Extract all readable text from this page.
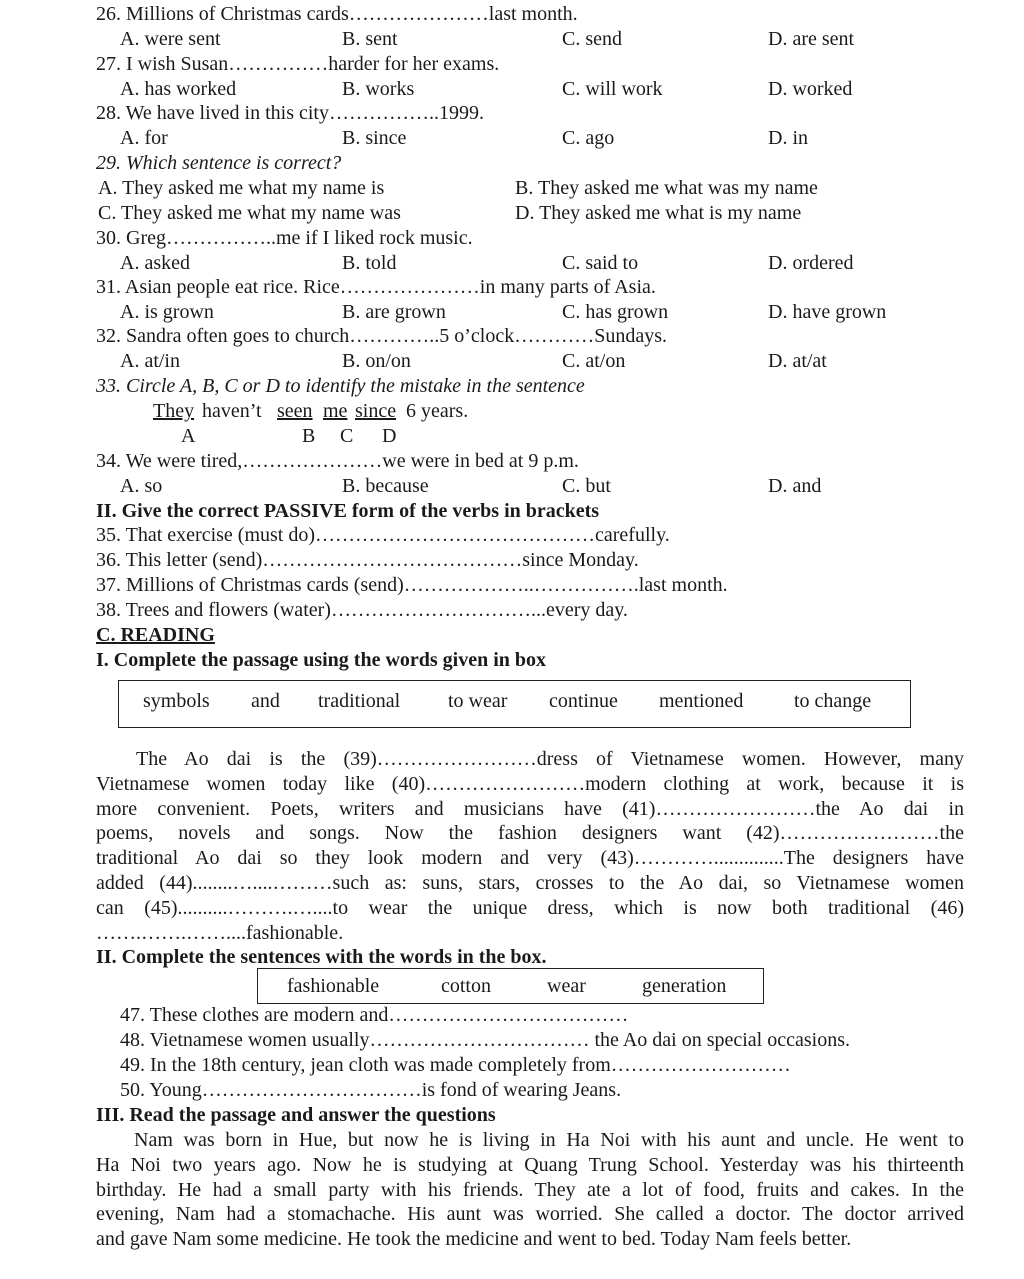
26. Millions of Christmas cards…………………last month.
A. were sent	B. sent	C. send	D. are sent
27. I wish Susan……………harder for her exams.
A. has worked	B. works	C. will work	D. worked
28. We have lived in this city……………..1999.
A. for	B. since	C. ago	D. in
29. Which sentence is correct?
A. They asked me what my name is	B. They asked me what was my name
C. They asked me what my name was	D. They asked me what is my name
30. Greg……………..me if I liked rock music.
A. asked	B. told	C. said to	D. ordered
31. Asian people eat rice. Rice…………………in many parts of Asia.
A. is grown	B. are grown	C. has grown	D. have grown
32. Sandra often goes to church…………..5 o’clock…………Sundays.
A. at/in	B. on/on	C. at/on	D. at/at
33. Circle A, B, C or D to identify the mistake in the sentence
They haven’t seen me since 6 years.
A	B C D
34. We were tired,…………………we were in bed at 9 p.m.
A. so	B. because	C. but	D. and
II. Give the correct PASSIVE form of the verbs in brackets
35. That exercise (must do)……………………………………carefully.
36. This letter (send)…………………………………since Monday.
37. Millions of Christmas cards (send)………………..…………….last month.
38. Trees and flowers (water)…………………………...every day.
C. READING
I. Complete the passage using the words given in box
symbols and traditional to wear continue mentioned	to change
The Ao dai is the (39)……………………dress of Vietnamese women. However, many
Vietnamese women today like (40)……………………modern clothing at work, because it is
more convenient. Poets, writers and musicians have (41)……………………the Ao dai in
poems, novels and songs. Now the fashion designers want (42)……………………the
traditional Ao dai so they look modern and very (43)…………..............The designers have
added (44)........…....………such as: suns, stars, crosses to the Ao dai, so Vietnamese women
can (45)..........……….…....to wear the unique dress, which is now both traditional (46)
…….…….……....fashionable.
II. Complete the sentences with the words in the box.
fashionable	cotton	wear	generation
47. These clothes are modern and………………………………
48. Vietnamese women usually…………………………… the Ao dai on special occasions.
49. In the 18th century, jean cloth was made completely from………………………
50. Young……………………………is fond of wearing Jeans.
III. Read the passage and answer the questions
Nam was born in Hue, but now he is living in Ha Noi with his aunt and uncle. He went to
Ha Noi two years ago. Now he is studying at Quang Trung School. Yesterday was his thirteenth
birthday. He had a small party with his friends. They ate a lot of food, fruits and cakes. In the
evening, Nam had a stomachache. His aunt was worried. She called a doctor. The doctor arrived
and gave Nam some medicine. He took the medicine and went to bed. Today Nam feels better.
